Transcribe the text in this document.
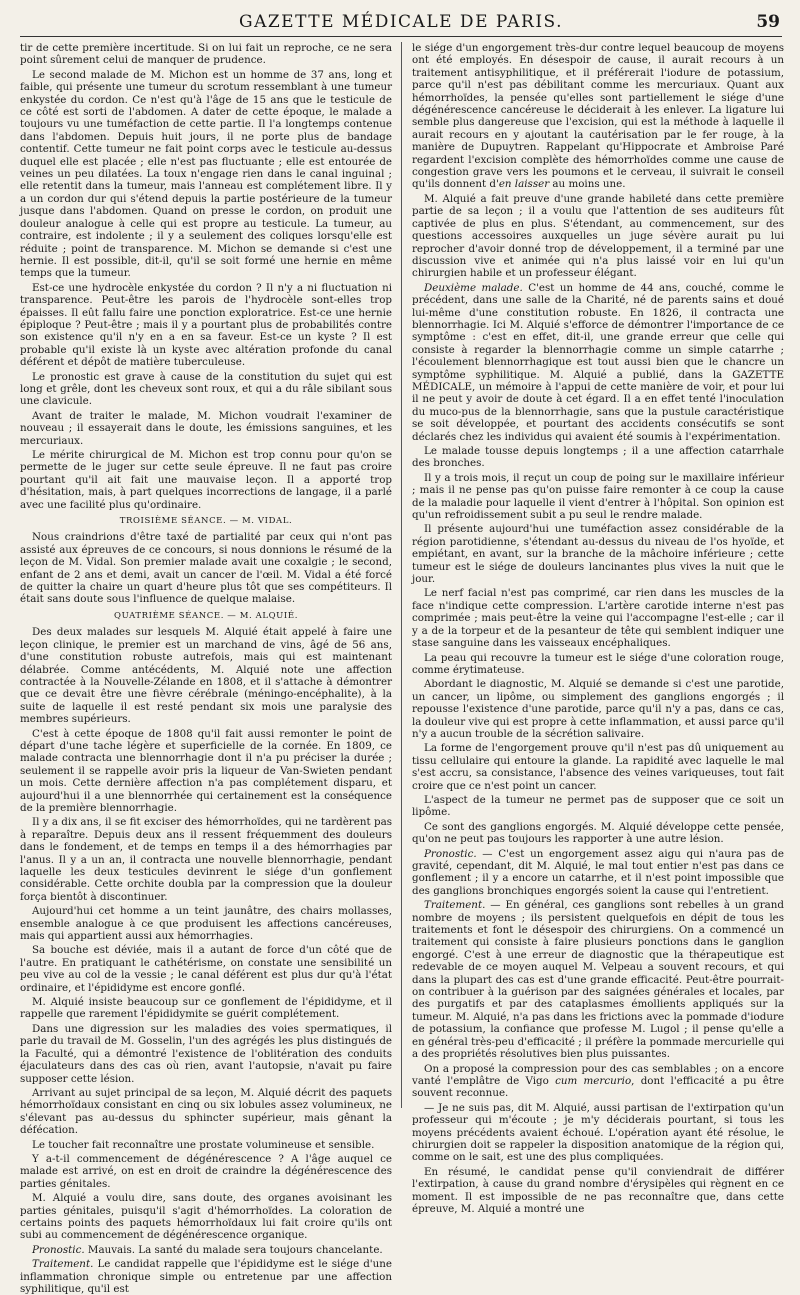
GAZETTE MÉDICALE DE PARIS.	59

tir de cette première incertitude. Si on lui fait un reproche, ce ne sera point sûrement celui de manquer de prudence.

Le second malade de M. Michon est un homme de 37 ans, long et faible, qui présente une tumeur du scrotum ressemblant à une tumeur enkystée du cordon. Ce n'est qu'à l'âge de 15 ans que le testicule de ce côté est sorti de l'abdomen. A dater de cette époque, le malade a toujours vu une tuméfaction de cette partie. Il l'a longtemps contenue dans l'abdomen. Depuis huit jours, il ne porte plus de bandage contentif. Cette tumeur ne fait point corps avec le testicule au-dessus duquel elle est placée ; elle n'est pas fluctuante ; elle est entourée de veines un peu dilatées. La toux n'engage rien dans le canal inguinal ; elle retentit dans la tumeur, mais l'anneau est complétement libre. Il y a un cordon dur qui s'étend depuis la partie postérieure de la tumeur jusque dans l'abdomen. Quand on presse le cordon, on produit une douleur analogue à celle qui est propre au testicule. La tumeur, au contraire, est indolente ; il y a seulement des coliques lorsqu'elle est réduite ; point de transparence. M. Michon se demande si c'est une hernie. Il est possible, dit-il, qu'il se soit formé une hernie en même temps que la tumeur.

Est-ce une hydrocèle enkystée du cordon ? Il n'y a ni fluctuation ni transparence. Peut-être les parois de l'hydrocèle sont-elles trop épaisses. Il eût fallu faire une ponction exploratrice. Est-ce une hernie épiploque ? Peut-être ; mais il y a pourtant plus de probabilités contre son existence qu'il n'y en a en sa faveur. Est-ce un kyste ? Il est probable qu'il existe là un kyste avec altération profonde du canal déférent et dépôt de matière tuberculeuse.

Le pronostic est grave à cause de la constitution du sujet qui est long et grêle, dont les cheveux sont roux, et qui a du râle sibilant sous une clavicule.

Avant de traiter le malade, M. Michon voudrait l'examiner de nouveau ; il essayerait dans le doute, les émissions sanguines, et les mercuriaux.

Le mérite chirurgical de M. Michon est trop connu pour qu'on se permette de le juger sur cette seule épreuve. Il ne faut pas croire pourtant qu'il ait fait une mauvaise leçon. Il a apporté trop d'hésitation, mais, à part quelques incorrections de langage, il a parlé avec une facilité plus qu'ordinaire.

TROISIÈME SÉANCE. — M. VIDAL.

Nous craindrions d'être taxé de partialité par ceux qui n'ont pas assisté aux épreuves de ce concours, si nous donnions le résumé de la leçon de M. Vidal. Son premier malade avait une coxalgie ; le second, enfant de 2 ans et demi, avait un cancer de l'œil. M. Vidal a été forcé de quitter la chaire un quart d'heure plus tôt que ses compétiteurs. Il était sans doute sous l'influence de quelque malaise.

QUATRIÈME SÉANCE. — M. ALQUIÉ.

Des deux malades sur lesquels M. Alquié était appelé à faire une leçon clinique, le premier est un marchand de vins, âgé de 56 ans, d'une constitution robuste autrefois, mais qui est maintenant délabrée. Comme antécédents, M. Alquié note une affection contractée à la Nouvelle-Zélande en 1808, et il s'attache à démontrer que ce devait être une fièvre cérébrale (méningo-encéphalite), à la suite de laquelle il est resté pendant six mois une paralysie des membres supérieurs.

C'est à cette époque de 1808 qu'il fait aussi remonter le point de départ d'une tache légère et superficielle de la cornée. En 1809, ce malade contracta une blennorrhagie dont il n'a pu préciser la durée ; seulement il se rappelle avoir pris la liqueur de Van-Swieten pendant un mois. Cette dernière affection n'a pas complétement disparu, et aujourd'hui il a une blennorrhée qui certainement est la conséquence de la première blennorrhagie.

Il y a dix ans, il se fit exciser des hémorrhoïdes, qui ne tardèrent pas à reparaître. Depuis deux ans il ressent fréquemment des douleurs dans le fondement, et de temps en temps il a des hémorrhagies par l'anus. Il y a un an, il contracta une nouvelle blennorrhagie, pendant laquelle les deux testicules devinrent le siége d'un gonflement considérable. Cette orchite doubla par la compression que la douleur força bientôt à discontinuer.

Aujourd'hui cet homme a un teint jaunâtre, des chairs mollasses, ensemble analogue à ce que produisent les affections cancéreuses, mais qui appartient aussi aux hémorrhagies.

Sa bouche est déviée, mais il a autant de force d'un côté que de l'autre. En pratiquant le cathétérisme, on constate une sensibilité un peu vive au col de la vessie ; le canal déférent est plus dur qu'à l'état ordinaire, et l'épididyme est encore gonflé.

M. Alquié insiste beaucoup sur ce gonflement de l'épididyme, et il rappelle que rarement l'épididymite se guérit complétement.

Dans une digression sur les maladies des voies spermatiques, il parle du travail de M. Gosselin, l'un des agrégés les plus distingués de la Faculté, qui a démontré l'existence de l'oblitération des conduits éjaculateurs dans des cas où rien, avant l'autopsie, n'avait pu faire supposer cette lésion.

Arrivant au sujet principal de sa leçon, M. Alquié décrit des paquets hémorrhoïdaux consistant en cinq ou six lobules assez volumineux, ne s'élevant pas au-dessus du sphincter supérieur, mais gênant la défécation.

Le toucher fait reconnaître une prostate volumineuse et sensible.

Y a-t-il commencement de dégénérescence ? A l'âge auquel ce malade est arrivé, on est en droit de craindre la dégénérescence des parties génitales.

M. Alquié a voulu dire, sans doute, des organes avoisinant les parties génitales, puisqu'il s'agit d'hémorrhoïdes. La coloration de certains points des paquets hémorrhoïdaux lui fait croire qu'ils ont subi au commencement de dégénérescence organique.

Pronostic. Mauvais. La santé du malade sera toujours chancelante.

Traitement. Le candidat rappelle que l'épididyme est le siége d'une inflammation chronique simple ou entretenue par une affection syphilitique, qu'il est

le siége d'un engorgement très-dur contre lequel beaucoup de moyens ont été employés. En désespoir de cause, il aurait recours à un traitement antisyphilitique, et il préférerait l'iodure de potassium, parce qu'il n'est pas débilitant comme les mercuriaux. Quant aux hémorrhoïdes, la pensée qu'elles sont partiellement le siége d'une dégénérescence cancéreuse le déciderait à les enlever. La ligature lui semble plus dangereuse que l'excision, qui est la méthode à laquelle il aurait recours en y ajoutant la cautérisation par le fer rouge, à la manière de Dupuytren. Rappelant qu'Hippocrate et Ambroise Paré regardent l'excision complète des hémorrhoïdes comme une cause de congestion grave vers les poumons et le cerveau, il suivrait le conseil qu'ils donnent d'en laisser au moins une.

M. Alquié a fait preuve d'une grande habileté dans cette première partie de sa leçon ; il a voulu que l'attention de ses auditeurs fût captivée de plus en plus. S'étendant, au commencement, sur des questions accessoires auxquelles un juge sévère aurait pu lui reprocher d'avoir donné trop de développement, il a terminé par une discussion vive et animée qui n'a plus laissé voir en lui qu'un chirurgien habile et un professeur élégant.

Deuxième malade. C'est un homme de 44 ans, couché, comme le précédent, dans une salle de la Charité, né de parents sains et doué lui-même d'une constitution robuste. En 1826, il contracta une blennorrhagie. Ici M. Alquié s'efforce de démontrer l'importance de ce symptôme : c'est en effet, dit-il, une grande erreur que celle qui consiste à regarder la blennorrhagie comme un simple catarrhe ; l'écoulement blennorrhagique est tout aussi bien que le chancre un symptôme syphilitique. M. Alquié a publié, dans la GAZETTE MÉDICALE, un mémoire à l'appui de cette manière de voir, et pour lui il ne peut y avoir de doute à cet égard. Il a en effet tenté l'inoculation du muco-pus de la blennorrhagie, sans que la pustule caractéristique se soit développée, et pourtant des accidents consécutifs se sont déclarés chez les individus qui avaient été soumis à l'expérimentation.

Le malade tousse depuis longtemps ; il a une affection catarrhale des bronches.

Il y a trois mois, il reçut un coup de poing sur le maxillaire inférieur ; mais il ne pense pas qu'on puisse faire remonter à ce coup la cause de la maladie pour laquelle il vient d'entrer à l'hôpital. Son opinion est qu'un refroidissement subit a pu seul le rendre malade.

Il présente aujourd'hui une tuméfaction assez considérable de la région parotidienne, s'étendant au-dessus du niveau de l'os hyoïde, et empiétant, en avant, sur la branche de la mâchoire inférieure ; cette tumeur est le siége de douleurs lancinantes plus vives la nuit que le jour.

Le nerf facial n'est pas comprimé, car rien dans les muscles de la face n'indique cette compression. L'artère carotide interne n'est pas comprimée ; mais peut-être la veine qui l'accompagne l'est-elle ; car il y a de la torpeur et de la pesanteur de tête qui semblent indiquer une stase sanguine dans les vaisseaux encéphaliques.

La peau qui recouvre la tumeur est le siége d'une coloration rouge, comme érytimateuse.

Abordant le diagnostic, M. Alquié se demande si c'est une parotide, un cancer, un lipôme, ou simplement des ganglions engorgés ; il repousse l'existence d'une parotide, parce qu'il n'y a pas, dans ce cas, la douleur vive qui est propre à cette inflammation, et aussi parce qu'il n'y a aucun trouble de la sécrétion salivaire.

La forme de l'engorgement prouve qu'il n'est pas dû uniquement au tissu cellulaire qui entoure la glande. La rapidité avec laquelle le mal s'est accru, sa consistance, l'absence des veines variqueuses, tout fait croire que ce n'est point un cancer.

L'aspect de la tumeur ne permet pas de supposer que ce soit un lipôme.

Ce sont des ganglions engorgés. M. Alquié développe cette pensée, qu'on ne peut pas toujours les rapporter à une autre lésion.

Pronostic. — C'est un engorgement assez aigu qui n'aura pas de gravité, cependant, dit M. Alquié, le mal tout entier n'est pas dans ce gonflement ; il y a encore un catarrhe, et il n'est point impossible que des ganglions bronchiques engorgés soient la cause qui l'entretient.

Traitement. — En général, ces ganglions sont rebelles à un grand nombre de moyens ; ils persistent quelquefois en dépit de tous les traitements et font le désespoir des chirurgiens. On a commencé un traitement qui consiste à faire plusieurs ponctions dans le ganglion engorgé. C'est à une erreur de diagnostic que la thérapeutique est redevable de ce moyen auquel M. Velpeau a souvent recours, et qui dans la plupart des cas est d'une grande efficacité. Peut-être pourrait-on contribuer à la guérison par des saignées générales et locales, par des purgatifs et par des cataplasmes émollients appliqués sur la tumeur. M. Alquié, n'a pas dans les frictions avec la pommade d'iodure de potassium, la confiance que professe M. Lugol ; il pense qu'elle a en général très-peu d'efficacité ; il préfère la pommade mercurielle qui a des propriétés résolutives bien plus puissantes.

On a proposé la compression pour des cas semblables ; on a encore vanté l'emplâtre de Vigo cum mercurio, dont l'efficacité a pu être souvent reconnue.

— Je ne suis pas, dit M. Alquié, aussi partisan de l'extirpation qu'un professeur qui m'écoute ; je m'y déciderais pourtant, si tous les moyens précédents avaient échoué. L'opération ayant été résolue, le chirurgien doit se rappeler la disposition anatomique de la région qui, comme on le sait, est une des plus compliquées.

En résumé, le candidat pense qu'il conviendrait de différer l'extirpation, à cause du grand nombre d'érysipèles qui règnent en ce moment. Il est impossible de ne pas reconnaître que, dans cette épreuve, M. Alquié a montré une
